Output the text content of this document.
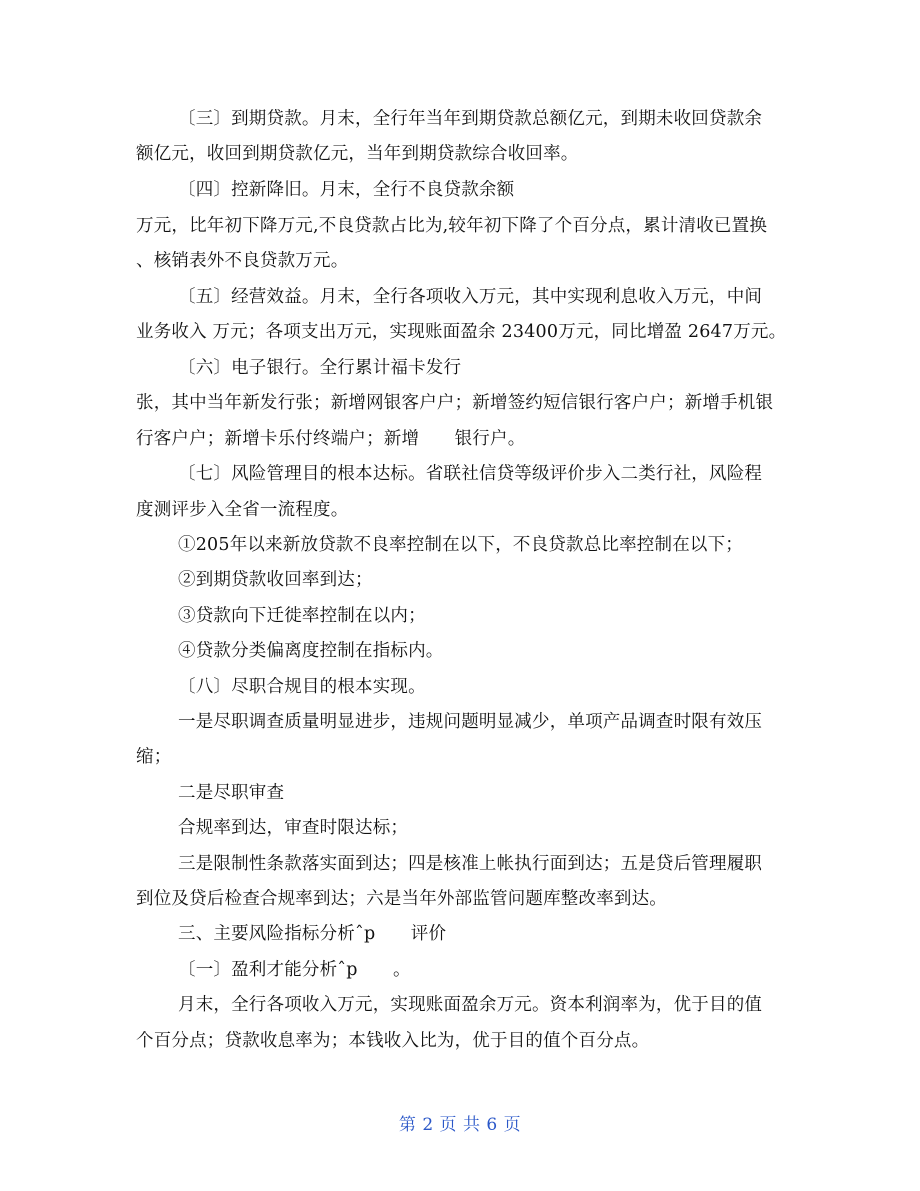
〔三〕到期贷款。月末，全行年当年到期贷款总额亿元，到期未收回贷款余
额亿元，收回到期贷款亿元，当年到期贷款综合收回率。
〔四〕控新降旧。月末，全行不良贷款余额
万元，比年初下降万元,不良贷款占比为,较年初下降了个百分点，累计清收已置换
、核销表外不良贷款万元。
〔五〕经营效益。月末，全行各项收入万元，其中实现利息收入万元，中间
业务收入 万元；各项支出万元，实现账面盈余 23400万元，同比增盈 2647万元。
〔六〕电子银行。全行累计福卡发行
张，其中当年新发行张；新增网银客户户；新增签约短信银行客户户；新增手机银
行客户户；新增卡乐付终端户；新增　　银行户。
〔七〕风险管理目的根本达标。省联社信贷等级评价步入二类行社，风险程
度测评步入全省一流程度。
①205年以来新放贷款不良率控制在以下，不良贷款总比率控制在以下；
②到期贷款收回率到达；
③贷款向下迁徙率控制在以内；
④贷款分类偏离度控制在指标内。
〔八〕尽职合规目的根本实现。
一是尽职调查质量明显进步，违规问题明显减少，单项产品调查时限有效压
缩；
二是尽职审查
合规率到达，审查时限达标；
三是限制性条款落实面到达；四是核准上帐执行面到达；五是贷后管理履职
到位及贷后检查合规率到达；六是当年外部监管问题库整改率到达。
三、主要风险指标分析ˆp　　评价
〔一〕盈利才能分析ˆp　　。
月末，全行各项收入万元，实现账面盈余万元。资本利润率为，优于目的值
个百分点；贷款收息率为；本钱收入比为，优于目的值个百分点。
第 2 页 共 6 页
